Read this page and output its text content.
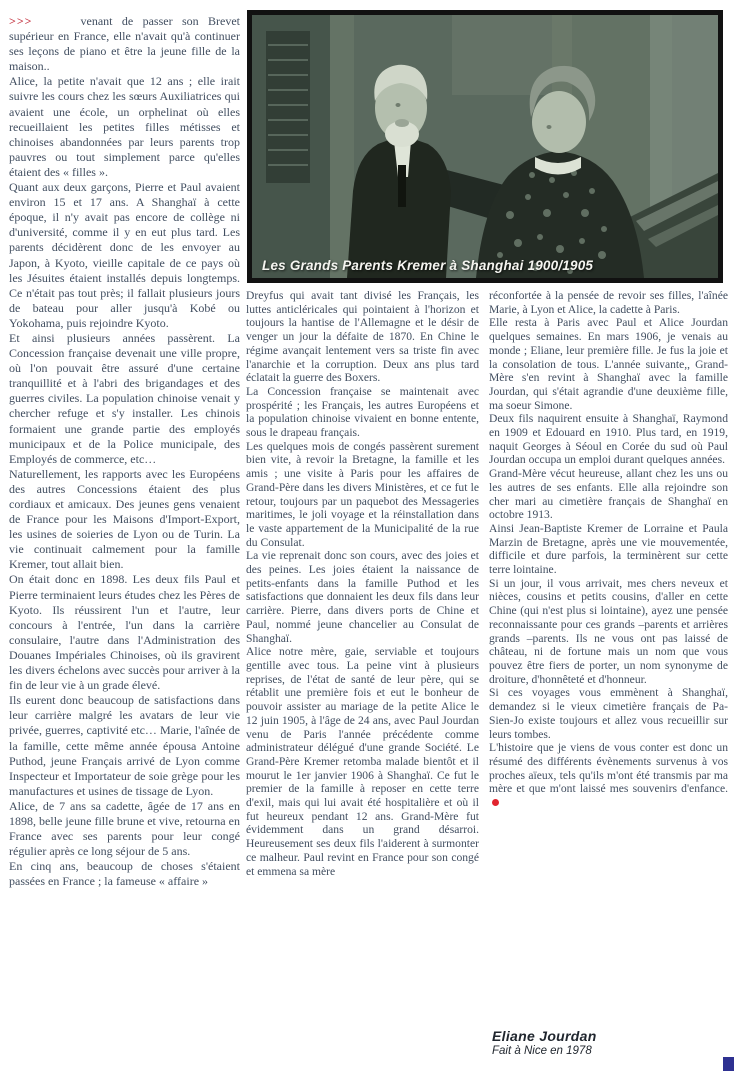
>>>	venant de passer son Brevet supérieur en France, elle n'avait qu'à continuer ses leçons de piano et être la jeune fille de la maison..

Alice, la petite n'avait que 12 ans ; elle irait suivre les cours chez les sœurs Auxiliatrices qui avaient une école, un orphelinat où elles recueillaient les petites filles métisses et chinoises abandonnées par leurs parents trop pauvres ou tout simplement parce qu'elles étaient des « filles ».

Quant aux deux garçons, Pierre et Paul avaient environ 15 et 17 ans. A Shanghaï à cette époque, il n'y avait pas encore de collège ni d'université, comme il y en eut plus tard. Les parents décidèrent donc de les envoyer au Japon, à Kyoto, vieille capitale de ce pays où les Jésuites étaient installés depuis longtemps. Ce n'était pas tout près; il fallait plusieurs jours de bateau pour aller jusqu'à Kobé ou Yokohama, puis rejoindre Kyoto.

Et ainsi plusieurs années passèrent. La Concession française devenait une ville propre, où l'on pouvait être assuré d'une certaine tranquillité et à l'abri des brigandages et des guerres civiles. La population chinoise venait y chercher refuge et s'y installer. Les chinois formaient une grande partie des employés municipaux et de la Police municipale, des Employés de commerce, etc…

Naturellement, les rapports avec les Européens des autres Concessions étaient des plus cordiaux et amicaux. Des jeunes gens venaient de France pour les Maisons d'Import-Export, les usines de soieries de Lyon ou de Turin. La vie continuait calmement pour la famille Kremer, tout allait bien.

On était donc en 1898. Les deux fils Paul et Pierre terminaient leurs études chez les Pères de Kyoto. Ils réussirent l'un et l'autre, leur concours à l'entrée, l'un dans la carrière consulaire, l'autre dans l'Administration des Douanes Impériales Chinoises, où ils gravirent les divers échelons avec succès pour arriver à la fin de leur vie à un grade élevé.

Ils eurent donc beaucoup de satisfactions dans leur carrière malgré les avatars de leur vie privée, guerres, captivité etc… Marie, l'aînée de la famille, cette même année épousa Antoine Puthod, jeune Français arrivé de Lyon comme Inspecteur et Importateur de soie grège pour les manufactures et usines de tissage de Lyon.

Alice, de 7 ans sa cadette, âgée de 17 ans en 1898, belle jeune fille brune et vive, retourna en France avec ses parents pour leur congé régulier après ce long séjour de 5 ans.

En cinq ans, beaucoup de choses s'étaient passées en France ; la fameuse « affaire »

Les Grands Parents Kremer à Shanghai 1900/1905

Dreyfus qui avait tant divisé les Français, les luttes anticléricales qui pointaient à l'horizon et toujours la hantise de l'Allemagne et le désir de venger un jour la défaite de 1870. En Chine le régime avançait lentement vers sa triste fin avec l'anarchie et la corruption. Deux ans plus tard éclatait la guerre des Boxers.

La Concession française se maintenait avec prospérité ; les Français, les autres Européens et la population chinoise vivaient en bonne entente, sous le drapeau français.

Les quelques mois de congés passèrent surement bien vite, à revoir la Bretagne, la famille et les amis ; une visite à Paris pour les affaires de Grand-Père dans les divers Ministères, et ce fut le retour, toujours par un paquebot des Messageries maritimes, le joli voyage et la réinstallation dans le vaste appartement de la Municipalité de la rue du Consulat.

La vie reprenait donc son cours, avec des joies et des peines. Les joies étaient la naissance de petits-enfants dans la famille Puthod et les satisfactions que donnaient les deux fils dans leur carrière. Pierre, dans divers ports de Chine et Paul, nommé jeune chancelier au Consulat de Shanghaï.

Alice notre mère, gaie, serviable et toujours gentille avec tous. La peine vint à plusieurs reprises, de l'état de santé de leur père, qui se rétablit une première fois et eut le bonheur de pouvoir assister au mariage de la petite Alice le 12 juin 1905, à l'âge de 24 ans, avec Paul Jourdan venu de Paris l'année précédente comme administrateur délégué d'une grande Société. Le Grand-Père Kremer retomba malade bientôt et il mourut le 1er janvier 1906 à Shanghaï. Ce fut le premier de la famille à reposer en cette terre d'exil, mais qui lui avait été hospitalière et où il fut heureux pendant 12 ans. Grand-Mère fut évidemment dans un grand désarroi. Heureusement ses deux fils l'aiderent à surmonter ce malheur. Paul revint en France pour son congé et emmena sa mère

réconfortée à la pensée de revoir ses filles, l'aînée Marie, à Lyon et Alice, la cadette à Paris.

Elle resta à Paris avec Paul et Alice Jourdan quelques semaines. En mars 1906, je venais au monde ; Eliane, leur première fille. Je fus la joie et la consolation de tous. L'année suivante,, Grand-Mère s'en revint à Shanghaï avec la famille Jourdan, qui s'était agrandie d'une deuxième fille, ma soeur Simone.

Deux fils naquirent ensuite à Shanghaï, Raymond en 1909 et Edouard en 1910. Plus tard, en 1919, naquit Georges à Séoul en Corée du sud où Paul Jourdan occupa un emploi durant quelques années.

Grand-Mère vécut heureuse, allant chez les uns ou les autres de ses enfants. Elle alla rejoindre son cher mari au cimetière français de Shanghaï en octobre 1913.

Ainsi Jean-Baptiste Kremer de Lorraine et Paula Marzin de Bretagne, après une vie mouvementée, difficile et dure parfois, la terminèrent sur cette terre lointaine.

Si un jour, il vous arrivait, mes chers neveux et nièces, cousins et petits cousins, d'aller en cette Chine (qui n'est plus si lointaine), ayez une pensée reconnaissante pour ces grands –parents et arrières grands –parents. Ils ne vous ont pas laissé de château, ni de fortune mais un nom que vous pouvez être fiers de porter, un nom synonyme de droiture, d'honnêteté et d'honneur.

Si ces voyages vous emmènent à Shanghaï, demandez si le vieux cimetière français de Pa-Sien-Jo existe toujours et allez vous recueillir sur leurs tombes.

L'histoire que je viens de vous conter est donc un résumé des différents évènements survenus à vos proches aïeux, tels qu'ils m'ont été transmis par ma mère et que m'ont laissé mes souvenirs d'enfance.

Eliane Jourdan
Fait à Nice en 1978
